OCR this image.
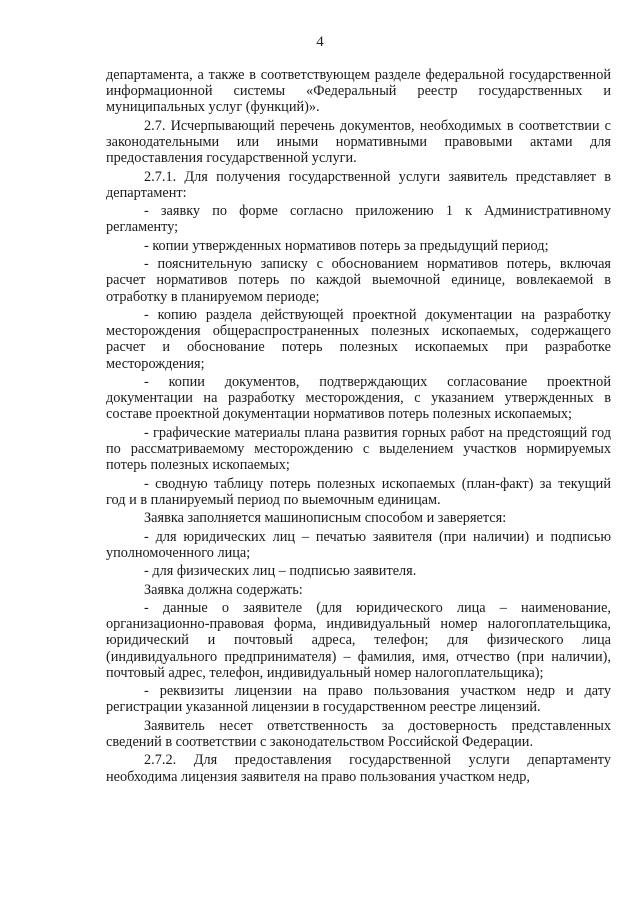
4

департамента, а также в соответствующем разделе федеральной государственной информационной системы «Федеральный реестр государственных и муниципальных услуг (функций)».

2.7. Исчерпывающий перечень документов, необходимых в соответствии с законодательными или иными нормативными правовыми актами для предоставления государственной услуги.

2.7.1. Для получения государственной услуги заявитель представляет в департамент:

- заявку по форме согласно приложению 1 к Административному регламенту;

- копии утвержденных нормативов потерь за предыдущий период;

- пояснительную записку с обоснованием нормативов потерь, включая расчет нормативов потерь по каждой выемочной единице, вовлекаемой в отработку в планируемом периоде;

- копию раздела действующей проектной документации на разработку месторождения общераспространенных полезных ископаемых, содержащего расчет и обоснование потерь полезных ископаемых при разработке месторождения;

- копии документов, подтверждающих согласование проектной документации на разработку месторождения, с указанием утвержденных в составе проектной документации нормативов потерь полезных ископаемых;

- графические материалы плана развития горных работ на предстоящий год по рассматриваемому месторождению с выделением участков нормируемых потерь полезных ископаемых;

- сводную таблицу потерь полезных ископаемых (план-факт) за текущий год и в планируемый период по выемочным единицам.

Заявка заполняется машинописным способом и заверяется:

- для юридических лиц – печатью заявителя (при наличии) и подписью уполномоченного лица;

- для физических лиц – подписью заявителя.

Заявка должна содержать:

- данные о заявителе (для юридического лица – наименование, организационно-правовая форма, индивидуальный номер налогоплательщика, юридический и почтовый адреса, телефон; для физического лица (индивидуального предпринимателя) – фамилия, имя, отчество (при наличии), почтовый адрес, телефон, индивидуальный номер налогоплательщика);

- реквизиты лицензии на право пользования участком недр и дату регистрации указанной лицензии в государственном реестре лицензий.

Заявитель несет ответственность за достоверность представленных сведений в соответствии с законодательством Российской Федерации.

2.7.2. Для предоставления государственной услуги департаменту необходима лицензия заявителя на право пользования участком недр,
